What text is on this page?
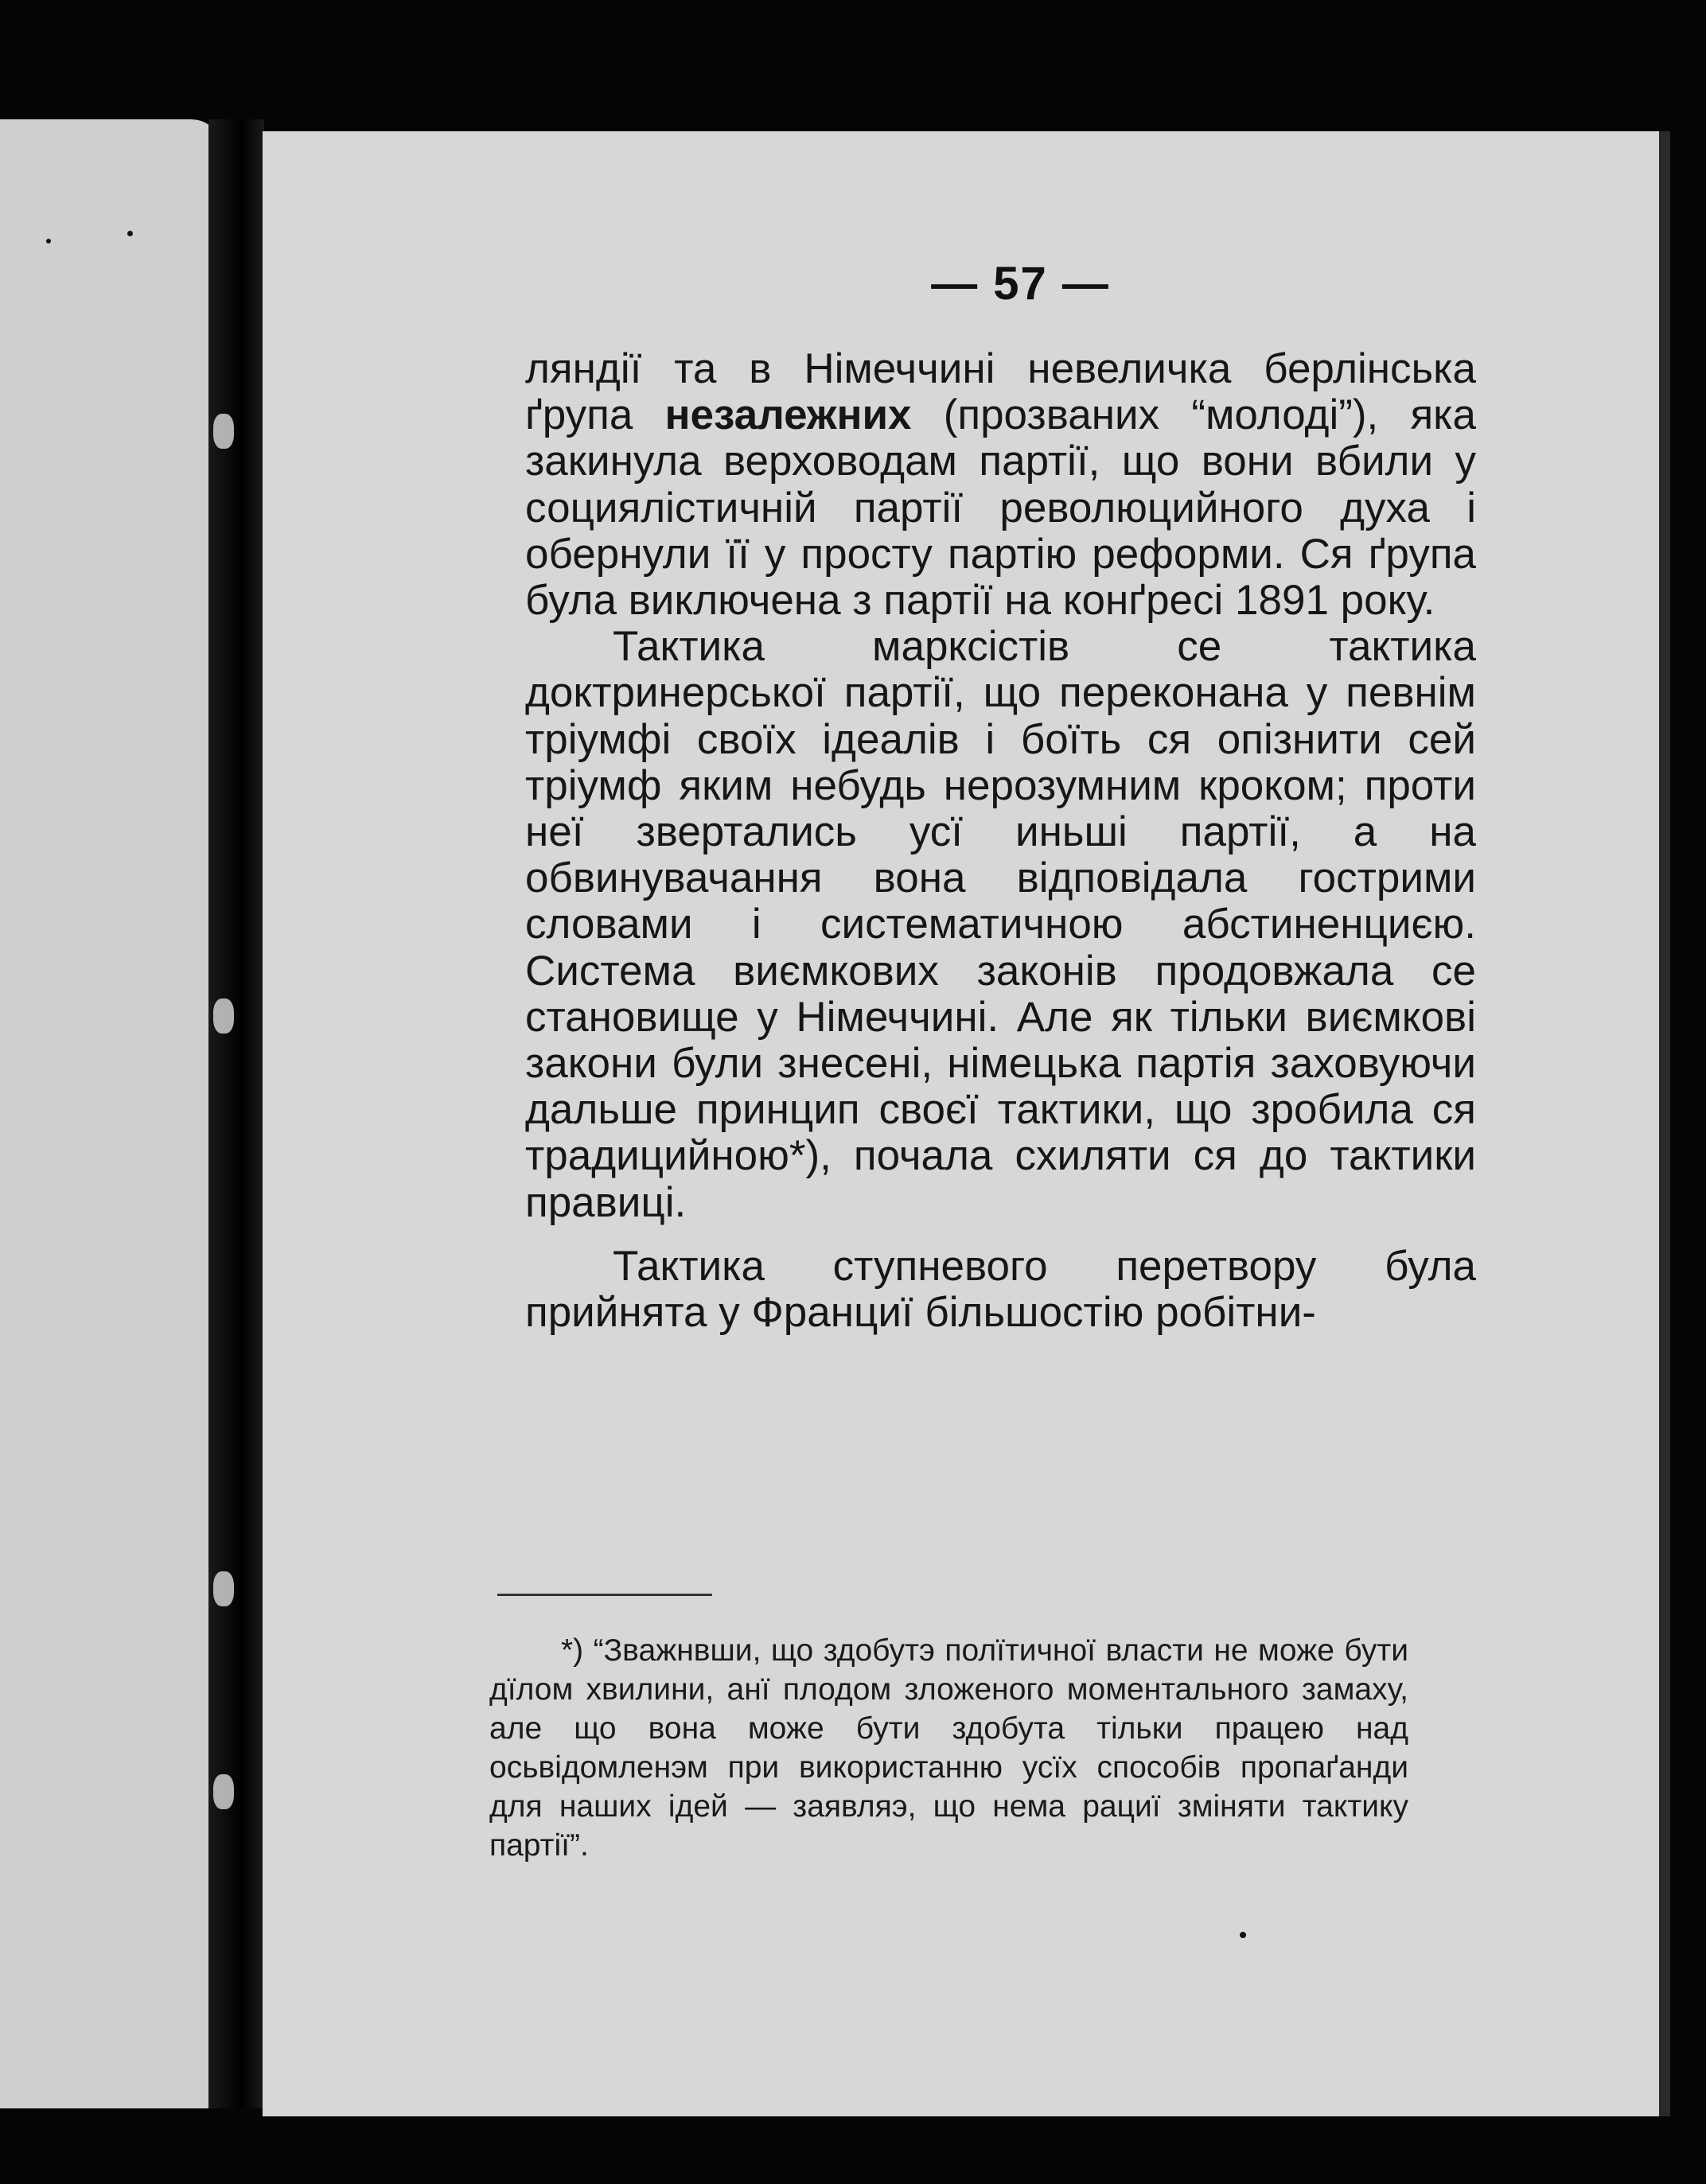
— 57 —

ляндії та в Німеччині невеличка берлінська ґрупа незалежних (прозваних “молоді”), яка закинула верховодам партії, що вони вбили у социялістичній партії революцийного духа і обернули її у просту партію реформи. Ся ґрупа була виключена з партії на конґресі 1891 року.

Тактика марксістів се тактика доктринерської партії, що переконана у певнім тріумфі своїх ідеалів і боїть ся опізнити сей тріумф яким небудь нерозумним кроком; проти неї звертались усї иньші партії, а на обвинувачання вона відповідала гострими словами і систематичною абстиненциєю. Система виємкових законів продовжала се становище у Німеччині. Але як тільки виємкові закони були знесені, німецька партія заховуючи дальше принцип своєї тактики, що зробила ся традицийною*), почала схиляти ся до тактики правиці.

Тактика ступневого перетвору була прийнята у Франциї більшостію робітни-

*) “Зважнвши, що здобутэ полїтичної власти не може бути дїлом хвилини, анї плодом зложеного моментального замаху, але що вона може бути здобута тільки працею над осьвідомленэм при використанню усїх способів пропаґанди для наших ідей — заявляэ, що нема рациї зміняти тактику партії”.
